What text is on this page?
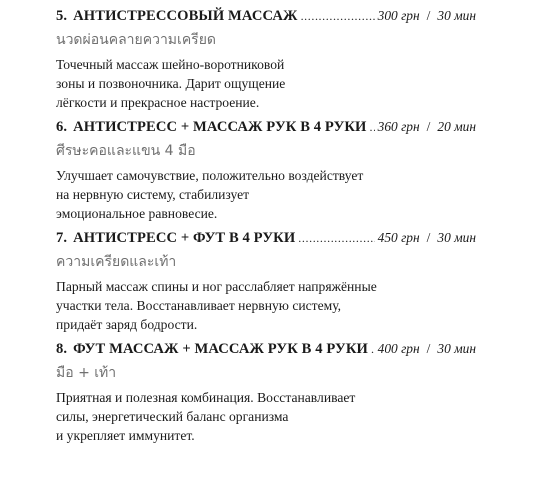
5. АНТИСТРЕССОВЫЙ МАССАЖ .....	300 грн / 30 мин
นวดผ่อนคลายความเครียด
Точечный массаж шейно-воротниковой
зоны и позвоночника. Дарит ощущение
лёгкости и прекрасное настроение.
6. АНТИСТРЕСС + МАССАЖ РУК В 4 РУКИ ..... 360 грн / 20 мин
ศีรษะคอและแขน 4 มือ
Улучшает самочувствие, положительно воздействует
на нервную систему, стабилизует
эмоциональное равновесие.
7. АНТИСТРЕСС + ФУТ В 4 РУКИ .....	450 грн / 30 мин
ความเครียดและเท้า
Парный массаж спины и ног расслабляет напряжённые
участки тела. Восстанавливает нервную систему,
придаёт заряд бодрости.
8. ФУТ МАССАЖ + МАССАЖ РУК В 4 РУКИ ..... 400 грн / 30 мин
มือ + เท้า
Приятная и полезная комбинация. Восстанавливает
силы, энергетический баланс организма
и укрепляет иммунитет.
